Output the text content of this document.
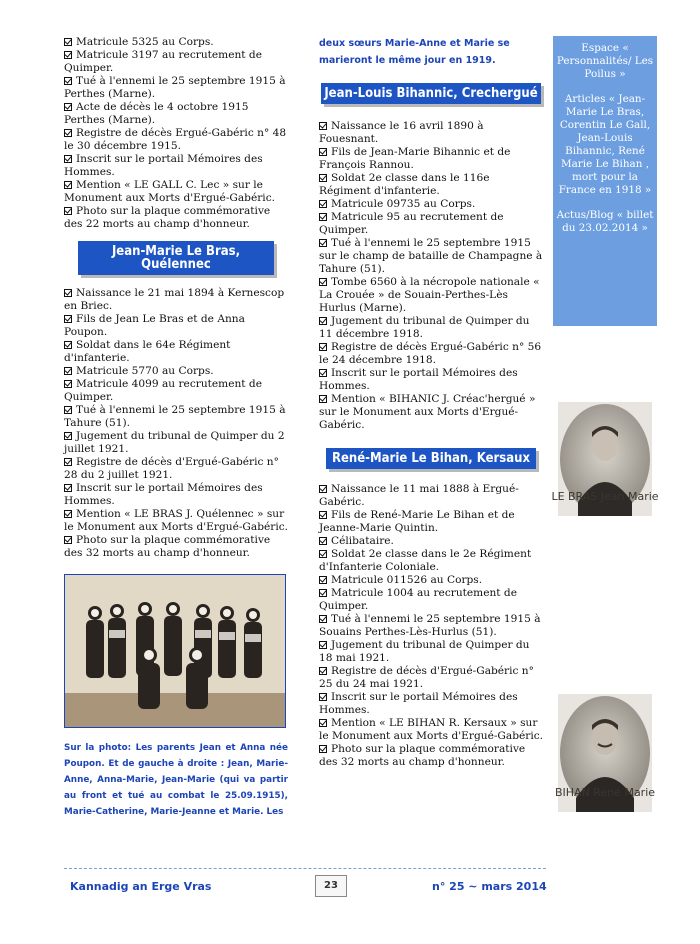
Matricule 5325 au Corps.
Matricule 3197 au recrutement de Quimper.
Tué à l'ennemi le 25 septembre 1915 à Perthes (Marne).
Acte de décès le 4 octobre 1915 Perthes (Marne).
Registre de décès Ergué-Gabéric n° 48 le 30 décembre 1915.
Inscrit sur le portail Mémoires des Hommes.
Mention « LE GALL C. Lec » sur le Monument aux Morts d'Ergué-Gabéric.
Photo sur la plaque commémorative des 22 morts au champ d'honneur.
Jean-Marie Le Bras, Quélennec
Naissance le 21 mai 1894 à Kernescop en Briec.
Fils de Jean Le Bras et de Anna Poupon.
Soldat dans le 64e Régiment d'infanterie.
Matricule 5770 au Corps.
Matricule 4099 au recrutement de Quimper.
Tué à l'ennemi le 25 septembre 1915 à Tahure (51).
Jugement du tribunal de Quimper du 2 juillet 1921.
Registre de décès d'Ergué-Gabéric n° 28 du 2 juillet 1921.
Inscrit sur le portail Mémoires des Hommes.
Mention « LE BRAS J. Quélennec » sur le Monument aux Morts d'Ergué-Gabéric.
Photo sur la plaque commémorative des 32 morts au champ d'honneur.
Sur la photo: Les parents Jean et Anna née Poupon. Et de gauche à droite : Jean, Marie-Anne, Anna-Marie, Jean-Marie (qui va partir au front et tué au combat le 25.09.1915), Marie-Catherine, Marie-Jeanne et Marie. Les
deux sœurs Marie-Anne et Marie se marieront le même jour en 1919.
Jean-Louis Bihannic, Crechergué
Naissance le 16 avril 1890 à Fouesnant.
Fils de Jean-Marie Bihannic et de François Rannou.
Soldat 2e classe dans le 116e Régiment d'infanterie.
Matricule 09735 au Corps.
Matricule 95 au recrutement de Quimper.
Tué à l'ennemi le 25 septembre 1915 sur le champ de bataille de Champagne à Tahure (51).
Tombe 6560 à la nécropole nationale « La Crouée » de Souain-Perthes-Lès Hurlus (Marne).
Jugement du tribunal de Quimper du 11 décembre 1918.
Registre de décès Ergué-Gabéric n° 56 le 24 décembre 1918.
Inscrit sur le portail Mémoires des Hommes.
Mention « BIHANIC J. Créac'hergué » sur le Monument aux Morts d'Ergué-Gabéric.
René-Marie Le Bihan, Kersaux
Naissance le 11 mai 1888 à Ergué-Gabéric.
Fils de René-Marie Le Bihan et de Jeanne-Marie Quintin.
Célibataire.
Soldat 2e classe dans le 2e Régiment d'Infanterie Coloniale.
Matricule 011526 au Corps.
Matricule 1004 au recrutement de Quimper.
Tué à l'ennemi le 25 septembre 1915 à Souains Perthes-Lès-Hurlus (51).
Jugement du tribunal de Quimper du 18 mai 1921.
Registre de décès d'Ergué-Gabéric n° 25 du 24 mai 1921.
Inscrit sur le portail Mémoires des Hommes.
Mention « LE BIHAN R. Kersaux » sur le Monument aux Morts d'Ergué-Gabéric.
Photo sur la plaque commémorative des 32 morts au champ d'honneur.

Espace « Personnalités/ Les Poilus »

Articles « Jean-Marie Le Bras, Corentin Le Gall, Jean-Louis Bihannic, René Marie Le Bihan , mort pour la France en 1918 »

Actus/Blog « billet du 23.02.2014 »

LE BRAS Jean Marie
BIHAN René Marie
Kannadig an Erge Vras	23	n° 25 ~ mars 2014
